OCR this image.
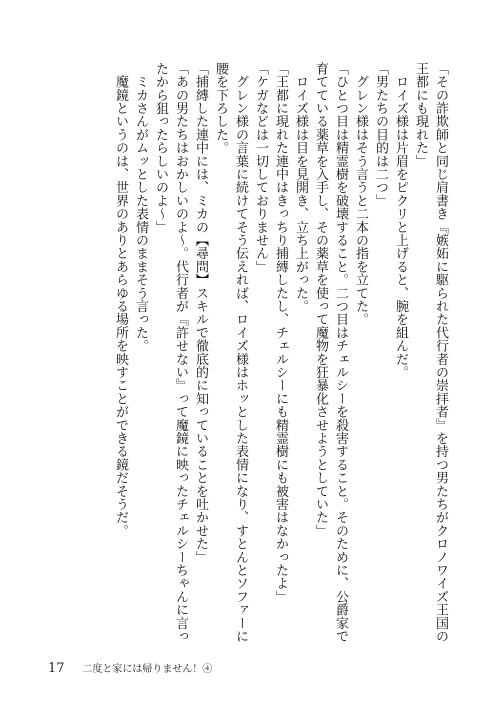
「その詐欺師と同じ肩書き『嫉妬に駆られた代行者の崇拝者』を持つ男たちがクロノワイズ王国の
王都にも現れた」
　ロイズ様は片眉をピクリと上げると、腕を組んだ。
「男たちの目的は二つ」
　グレン様はそう言うと二本の指を立てた。
「ひとつ目は精霊樹を破壊すること。二つ目はチェルシーを殺害すること。そのために、公爵家で
育てている薬草を入手し、その薬草を使って魔物を狂暴化させようとしていた」
　ロイズ様は目を見開き、立ち上がった。
「王都に現れた連中はきっちり捕縛したし、チェルシーにも精霊樹にも被害はなかったよ」
「ケガなどは一切しておりません」
　グレン様の言葉に続けてそう伝えれば、ロイズ様はホッとした表情になり、すとんとソファーに
腰を下ろした。
「捕縛した連中には、ミカの【尋問】スキルで徹底的に知っていることを吐かせた」
「あの男たちはおかしいのよ～。代行者が『許せない』って魔鏡に映ったチェルシーちゃんに言っ
たから狙ったらしいのよ～」
　ミカさんがムッとした表情のままそう言った。
　魔鏡というのは、世界のありとあらゆる場所を映すことができる鏡だそうだ。
17 二度と家には帰りません！④
